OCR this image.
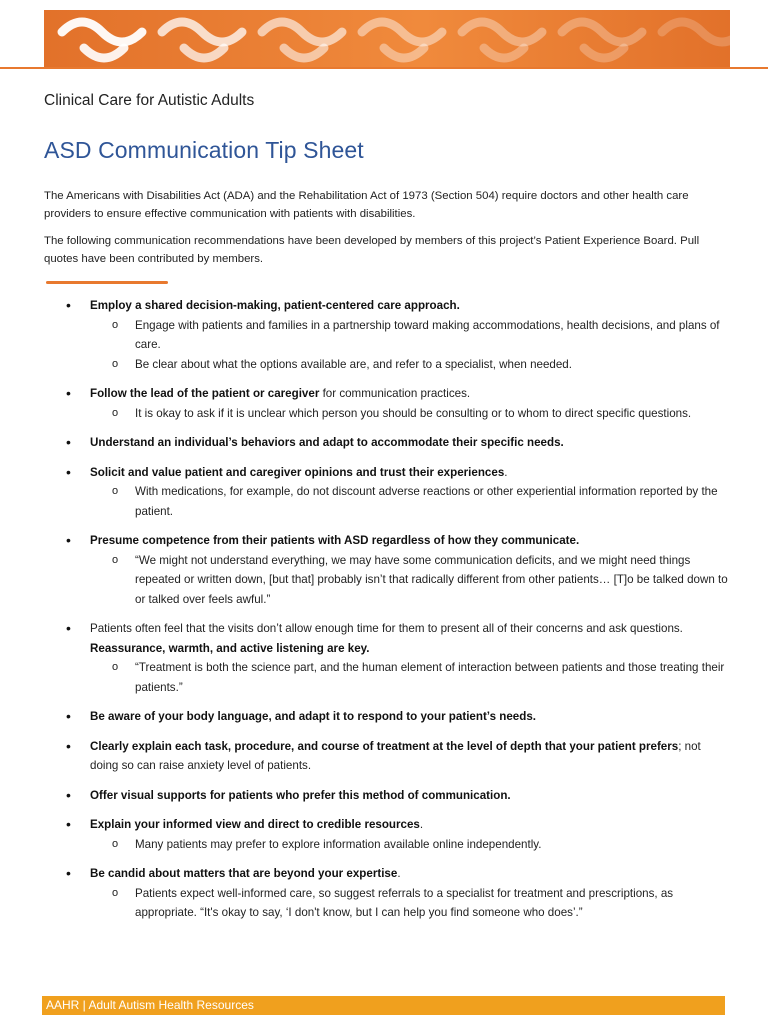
Clinical Care for Autistic Adults
ASD Communication Tip Sheet

The Americans with Disabilities Act (ADA) and the Rehabilitation Act of 1973 (Section 504) require doctors and other health care providers to ensure effective communication with patients with disabilities.

The following communication recommendations have been developed by members of this project’s Patient Experience Board. Pull quotes have been contributed by members.

• Employ a shared decision-making, patient-centered care approach.
o Engage with patients and families in a partnership toward making accommodations, health decisions, and plans of care.
o Be clear about what the options available are, and refer to a specialist, when needed.
• Follow the lead of the patient or caregiver for communication practices.
o It is okay to ask if it is unclear which person you should be consulting or to whom to direct specific questions.
• Understand an individual’s behaviors and adapt to accommodate their specific needs.
• Solicit and value patient and caregiver opinions and trust their experiences.
o With medications, for example, do not discount adverse reactions or other experiential information reported by the patient.
• Presume competence from their patients with ASD regardless of how they communicate.
o “We might not understand everything, we may have some communication deficits, and we might need things repeated or written down, [but that] probably isn’t that radically different from other patients… [T]o be talked down to or talked over feels awful.”
• Patients often feel that the visits don’t allow enough time for them to present all of their concerns and ask questions. Reassurance, warmth, and active listening are key.
o “Treatment is both the science part, and the human element of interaction between patients and those treating their patients.”
• Be aware of your body language, and adapt it to respond to your patient’s needs.
• Clearly explain each task, procedure, and course of treatment at the level of depth that your patient prefers; not doing so can raise anxiety level of patients.
• Offer visual supports for patients who prefer this method of communication.
• Explain your informed view and direct to credible resources.
o Many patients may prefer to explore information available online independently.
• Be candid about matters that are beyond your expertise.
o Patients expect well-informed care, so suggest referrals to a specialist for treatment and prescriptions, as appropriate. “It's okay to say, ‘I don't know, but I can help you find someone who does’.”
AAHR | Adult Autism Health Resources
